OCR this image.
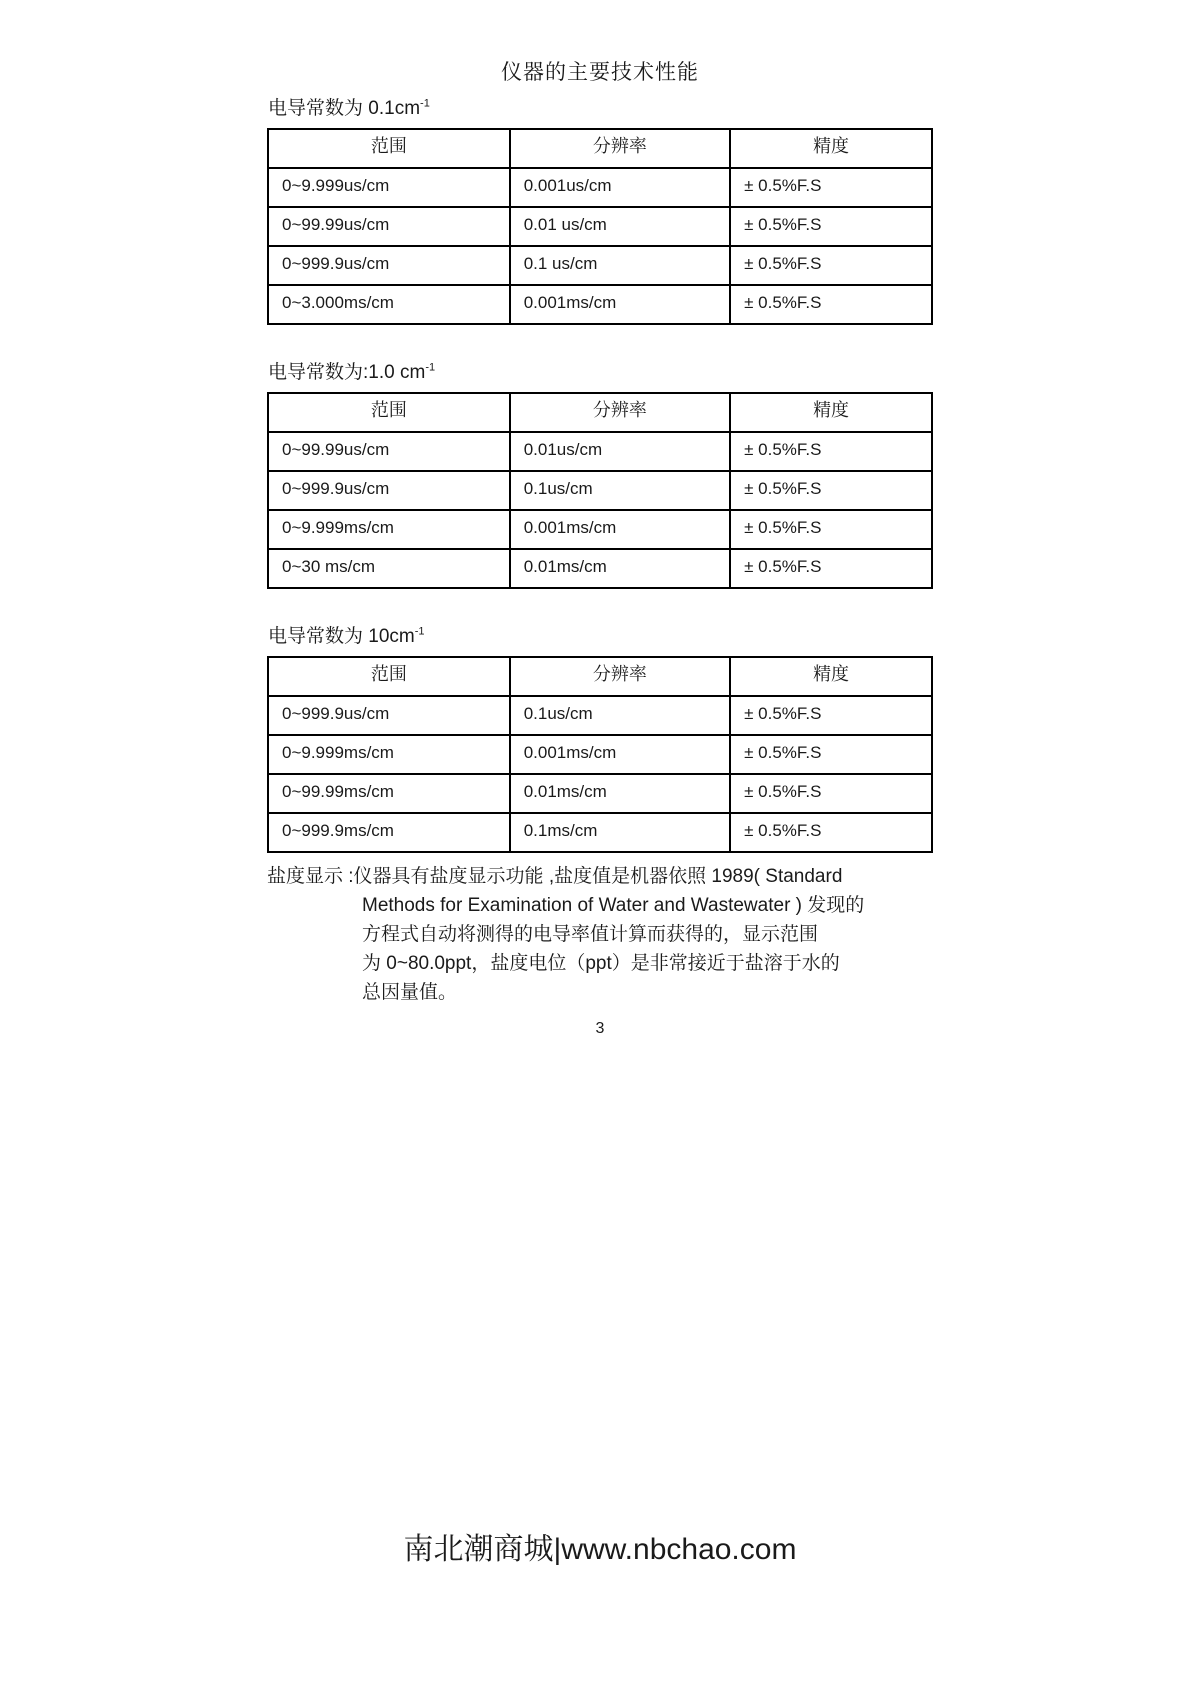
仪器的主要技术性能
电导常数为 $0.1cm^{-1}$
范围	分辨率	精度
0~9.999us/cm	0.001us/cm	± 0.5%F.S
0~99.99us/cm	0.01 us/cm	± 0.5%F.S
0~999.9us/cm	0.1 us/cm	± 0.5%F.S
0~3.000ms/cm	0.001ms/cm	± 0.5%F.S
电导常数为:1.0 $cm^{-1}$
范围	分辨率	精度
0~99.99us/cm	0.01us/cm	± 0.5%F.S
0~999.9us/cm	0.1us/cm	± 0.5%F.S
0~9.999ms/cm	0.001ms/cm	± 0.5%F.S
0~30 ms/cm	0.01ms/cm	± 0.5%F.S
电导常数为 $10cm^{-1}$
范围	分辨率	精度
0~999.9us/cm	0.1us/cm	± 0.5%F.S
0~9.999ms/cm	0.001ms/cm	± 0.5%F.S
0~99.99ms/cm	0.01ms/cm	± 0.5%F.S
0~999.9ms/cm	0.1ms/cm	± 0.5%F.S
盐度显示 :仪器具有盐度显示功能 ,盐度值是机器依照 1989( Standard
Methods for Examination of Water and Wastewater ) 发现的
方程式自动将测得的电导率值计算而获得的，显示范围
为 0~80.0ppt，盐度电位（ppt）是非常接近于盐溶于水的
总因量值。
3
南北潮商城|www.nbchao.com
